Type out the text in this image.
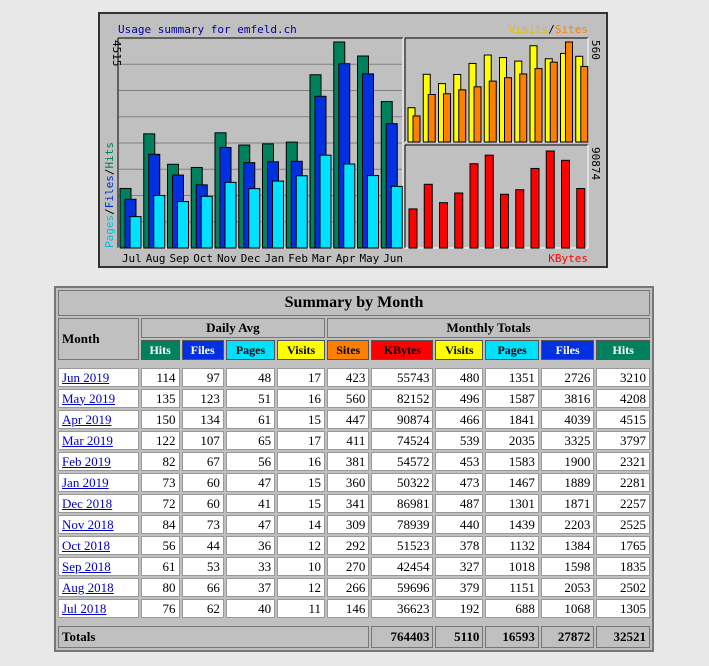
Usage summary for emfeld.ch
Jul Aug Sep Oct Nov Dec Jan Feb Mar Apr May Jun
4515
Pages/Files/Hits
Visits/Sites
560
KBytes
90874
Summary by Month										
Month	Daily Avg				Monthly Totals					
	Hits	Files	Pages	Visits	Sites	KBytes	Visits	Pages	Files	Hits

Jun 2019	114	97	48	17	423	55743	480	1351	2726	3210
May 2019	135	123	51	16	560	82152	496	1587	3816	4208
Apr 2019	150	134	61	15	447	90874	466	1841	4039	4515
Mar 2019	122	107	65	17	411	74524	539	2035	3325	3797
Feb 2019	82	67	56	16	381	54572	453	1583	1900	2321
Jan 2019	73	60	47	15	360	50322	473	1467	1889	2281
Dec 2018	72	60	41	15	341	86981	487	1301	1871	2257
Nov 2018	84	73	47	14	309	78939	440	1439	2203	2525
Oct 2018	56	44	36	12	292	51523	378	1132	1384	1765
Sep 2018	61	53	33	10	270	42454	327	1018	1598	1835
Aug 2018	80	66	37	12	266	59696	379	1151	2053	2502
Jul 2018	76	62	40	11	146	36623	192	688	1068	1305

Totals						764403	5110	16593	27872	32521
